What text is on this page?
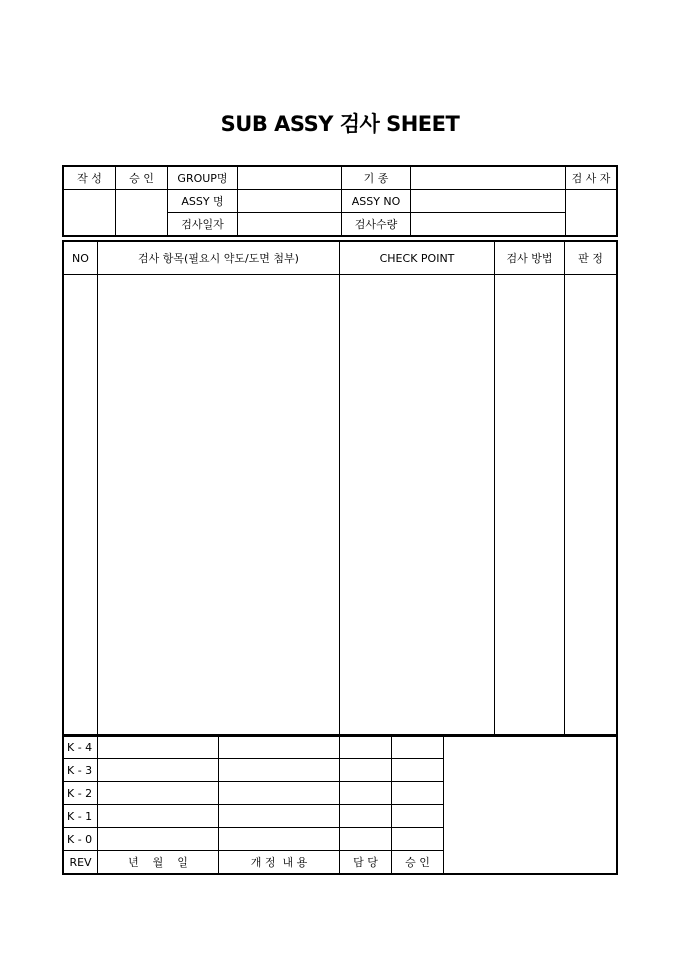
SUB ASSY 검사 SHEET
작 성	승 인	GROUP명		기 종		검 사 자
		ASSY 명		ASSY NO		
		검사일자		검사수량		
NO	검사 항목(필요시 약도/도면 첨부)	CHECK POINT	검사 방법	판 정

K - 4					
K - 3					
K - 2					
K - 1					
K - 0					
REV	년    월    일	개 정  내 용	담 당	승 인	
